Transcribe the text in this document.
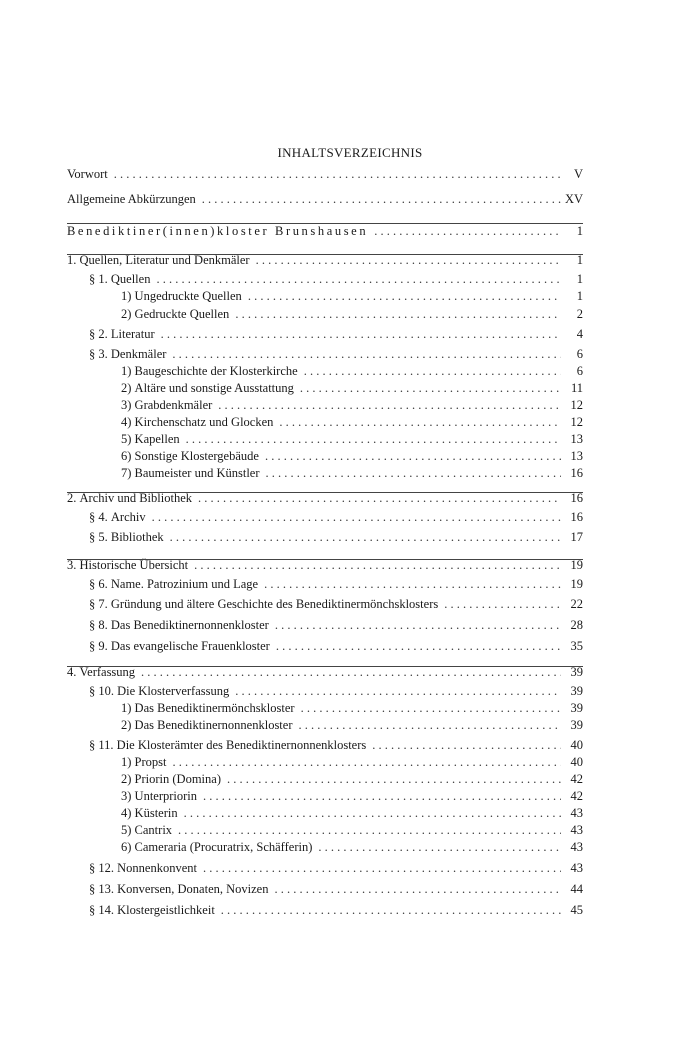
INHALTSVERZEICHNIS
Vorwort . . .	V
Allgemeine Abkürzungen . . .	XV
Benediktiner(innen)kloster Brunshausen . . .	1
1. Quellen, Literatur und Denkmäler . . .	1
§ 1. Quellen . . .	1
1) Ungedruckte Quellen . . .	1
2) Gedruckte Quellen . . .	2
§ 2. Literatur . . .	4
§ 3. Denkmäler . . .	6
1) Baugeschichte der Klosterkirche . . .	6
2) Altäre und sonstige Ausstattung . . .	11
3) Grabdenkmäler . . .	12
4) Kirchenschatz und Glocken . . .	12
5) Kapellen . . .	13
6) Sonstige Klostergebäude . . .	13
7) Baumeister und Künstler . . .	16
2. Archiv und Bibliothek . . .	16
§ 4. Archiv . . .	16
§ 5. Bibliothek . . .	17
3. Historische Übersicht . . .	19
§ 6. Name. Patrozinium und Lage . . .	19
§ 7. Gründung und ältere Geschichte des Benediktinermönchsklosters . . .	22
§ 8. Das Benediktinernonnenkloster . . .	28
§ 9. Das evangelische Frauenkloster . . .	35
4. Verfassung . . .	39
§ 10. Die Klosterverfassung . . .	39
1) Das Benediktinermönchskloster . . .	39
2) Das Benediktinernonnenkloster . . .	39
§ 11. Die Klosterämter des Benediktinernonnenklosters . . .	40
1) Propst . . .	40
2) Priorin (Domina) . . .	42
3) Unterpriorin . . .	42
4) Küsterin . . .	43
5) Cantrix . . .	43
6) Cameraria (Procuratrix, Schäfferin) . . .	43
§ 12. Nonnenkonvent . . .	43
§ 13. Konversen, Donaten, Novizen . . .	44
§ 14. Klostergeistlichkeit . . .	45
